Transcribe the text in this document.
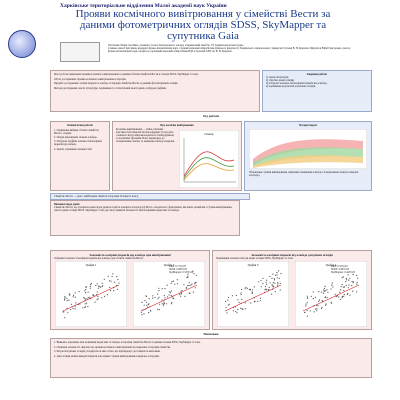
Харківське територіальне відділення Малої академії наук України
Прояви космічного вивітрювання у сімействі Вести за даними фотометричних оглядів SDSS, SkyMapper та супутника Gaia
Потапенко Марія Сергіївна, учениця 11 класу Комунального закладу «Харківський ліцей № 172 Харківської міської ради»,
Слинько Анна Григорівна, кандидат фізико-математичних наук, старший науковий співробітник фізичного факультету Харківського національного університету імені В. Н. Каразіна; Шкуратов Юрій Григорович, доктор фізико-математичних наук, професор, провідний науковий співробітник НДІ астрономії ХНУ ім. В. Н. Каразіна
Мета роботи: виявлення проявів космічного вивітрювання за даними об'єктів сімейства Вести в оглядах SDSS, SkyMapper та Gaia.
Об'єкт дослідження: прояви космічного вивітрювання астероїдів.
Предмет дослідження: колірні індекси та альбедо астероїдів сімейства Вести за даними фотометричних оглядів.
Методи дослідження: аналіз літератури, порівняння та статистичний аналіз даних, побудова графіків.
Завдання роботи:
1) аналіз літератури;
2) обробка даних оглядів;
3) побудова залежностей колірних індексів від альбедо;
4) порівняння результатів для різних оглядів.
Хід роботи
Основні етапи роботи:
1. Отримання вибірки об'єктів сімейства Вести з оглядів.
2. Пошук відповідних значень альбедо.
3. Побудова графіків залежностей колірних індексів від альбедо.
4. Аналіз отриманих залежностей.
Про космічне вивітрювання
Космічне вивітрювання — зміна оптичних властивостей поверхні безатмосферних тіл під дією сонячного вітру, мікрометеоритного бомбардування та космічних променів. Воно призводить до почервоніння спектра та зниження альбедо поверхні.
Спектр
Погоднi моделi
Збільшення ступеня вивітрювання спричиняє зменшення альбедо і почервоніння спектра поверхні астероїда.
Сімейство Вести — одне з найбільших сімейств астероїдів Головного поясу.
Висновки щодо даних
Сімейство Вести, що утворилося внаслідок ударної події на поверхні астероїда (4) Веста, складається з фрагментів, які мають різний вік і ступінь вивітрювання. Аналіз даних оглядів SDSS, SkyMapper і Gaia дає змогу виявити залежності між колірними індексами та альбедо.
Залежність колірних індексів від альбедо при вивітрюванні
Отримані залежності колірних індексів від альбедо для об'єктів сімейства Вести.
Графік 1	Графік 2
Gaia: 0.71±0.03
SDSS: 0.68±0.05
SkyMapper: 0.53±0.04
Залежність колірних індексів від альбедо для різних оглядів
Порівняння залежностей для даних оглядів SDSS, SkyMapper та Gaia.
Графік 3	Графік 4
Gaia: 0.52±0.02
SDSS: 0.49±0.03
SkyMapper: 0.44±0.05
Висновки
1. Виявлено кореляцію між колірними індексами та альбедо астероїдів сімейства Вести за даними оглядів SDSS, SkyMapper та Gaia.
2. Отримані залежності свідчать про прояви космічного вивітрювання на поверхнях астероїдів сімейства.
3. Результати різних оглядів узгоджуються між собою, що підтверджує достовірність висновків.
4. Дані оглядів можна використовувати для оцінки ступеня вивітрювання поверхонь астероїдів.
